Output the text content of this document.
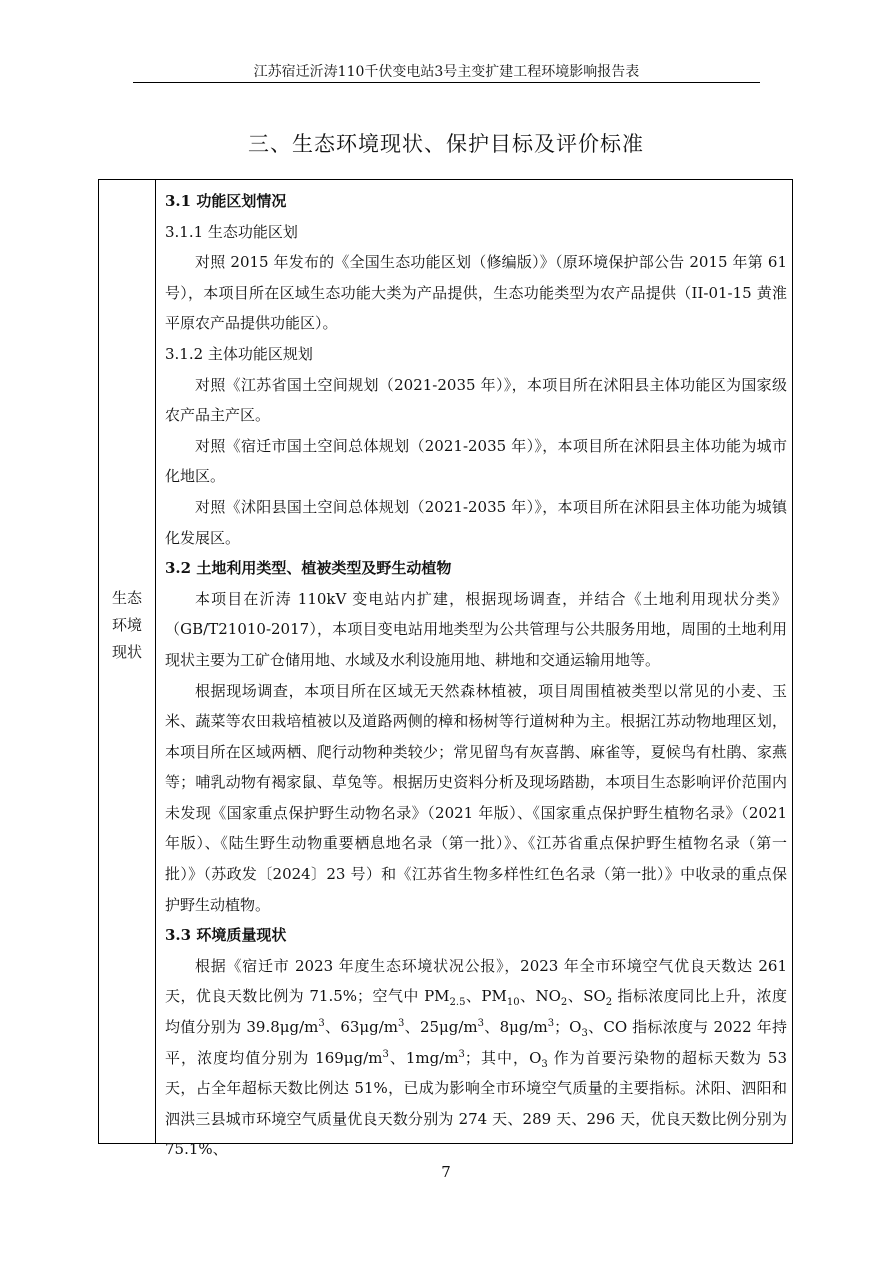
江苏宿迁沂涛110千伏变电站3号主变扩建工程环境影响报告表
三、生态环境现状、保护目标及评价标准
生态
环境
现状

3.1 功能区划情况

3.1.1 生态功能区划

对照 2015 年发布的《全国生态功能区划（修编版）》（原环境保护部公告 2015 年第 61 号），本项目所在区域生态功能大类为产品提供，生态功能类型为农产品提供（II-01-15 黄淮平原农产品提供功能区）。

3.1.2 主体功能区规划

对照《江苏省国土空间规划（2021-2035 年）》，本项目所在沭阳县主体功能区为国家级农产品主产区。

对照《宿迁市国土空间总体规划（2021-2035 年）》，本项目所在沭阳县主体功能为城市化地区。

对照《沭阳县国土空间总体规划（2021-2035 年）》，本项目所在沭阳县主体功能为城镇化发展区。

3.2 土地利用类型、植被类型及野生动植物

本项目在沂涛 110kV 变电站内扩建，根据现场调查，并结合《土地利用现状分类》（GB/T21010-2017），本项目变电站用地类型为公共管理与公共服务用地，周围的土地利用现状主要为工矿仓储用地、水域及水利设施用地、耕地和交通运输用地等。

根据现场调查，本项目所在区域无天然森林植被，项目周围植被类型以常见的小麦、玉米、蔬菜等农田栽培植被以及道路两侧的樟和杨树等行道树种为主。根据江苏动物地理区划，本项目所在区域两栖、爬行动物种类较少；常见留鸟有灰喜鹊、麻雀等，夏候鸟有杜鹃、家燕等；哺乳动物有褐家鼠、草兔等。根据历史资料分析及现场踏勘，本项目生态影响评价范围内未发现《国家重点保护野生动物名录》（2021 年版）、《国家重点保护野生植物名录》（2021 年版）、《陆生野生动物重要栖息地名录（第一批）》、《江苏省重点保护野生植物名录（第一批）》（苏政发〔2024〕23 号）和《江苏省生物多样性红色名录（第一批）》中收录的重点保护野生动植物。

3.3 环境质量现状

根据《宿迁市 2023 年度生态环境状况公报》，2023 年全市环境空气优良天数达 261 天，优良天数比例为 71.5%；空气中 $PM_{2.5}$、$PM_{10}$、$NO_2$、$SO_2$ 指标浓度同比上升，浓度均值分别为 $39.8\mu g/m^3$、$63\mu g/m^3$、$25\mu g/m^3$、$8\mu g/m^3$；$O_3$、CO 指标浓度与 2022 年持平，浓度均值分别为 $169\mu g/m^3$、$1mg/m^3$；其中，$O_3$ 作为首要污染物的超标天数为 53 天，占全年超标天数比例达 51%，已成为影响全市环境空气质量的主要指标。沭阳、泗阳和泗洪三县城市环境空气质量优良天数分别为 274 天、289 天、296 天，优良天数比例分别为 75.1%、

7
